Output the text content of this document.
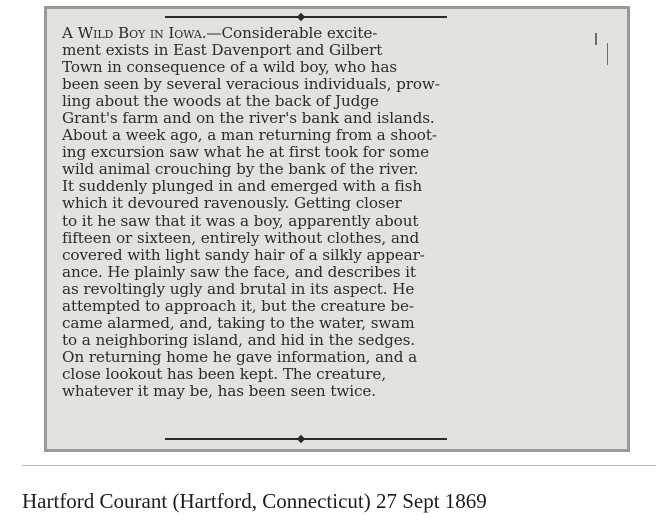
A Wild Boy in Iowa.—Considerable excite-
ment exists in East Davenport and Gilbert
Town in consequence of a wild boy, who has
been seen by several veracious individuals, prow-
ling about the woods at the back of Judge
Grant's farm and on the river's bank and islands.
About a week ago, a man returning from a shoot-
ing excursion saw what he at first took for some
wild animal crouching by the bank of the river.
It suddenly plunged in and emerged with a fish
which it devoured ravenously. Getting closer
to it he saw that it was a boy, apparently about
fifteen or sixteen, entirely without clothes, and
covered with light sandy hair of a silkly appear-
ance. He plainly saw the face, and describes it
as revoltingly ugly and brutal in its aspect. He
attempted to approach it, but the creature be-
came alarmed, and, taking to the water, swam
to a neighboring island, and hid in the sedges.
On returning home he gave information, and a
close lookout has been kept. The creature,
whatever it may be, has been seen twice.
Hartford Courant (Hartford, Connecticut) 27 Sept 1869
